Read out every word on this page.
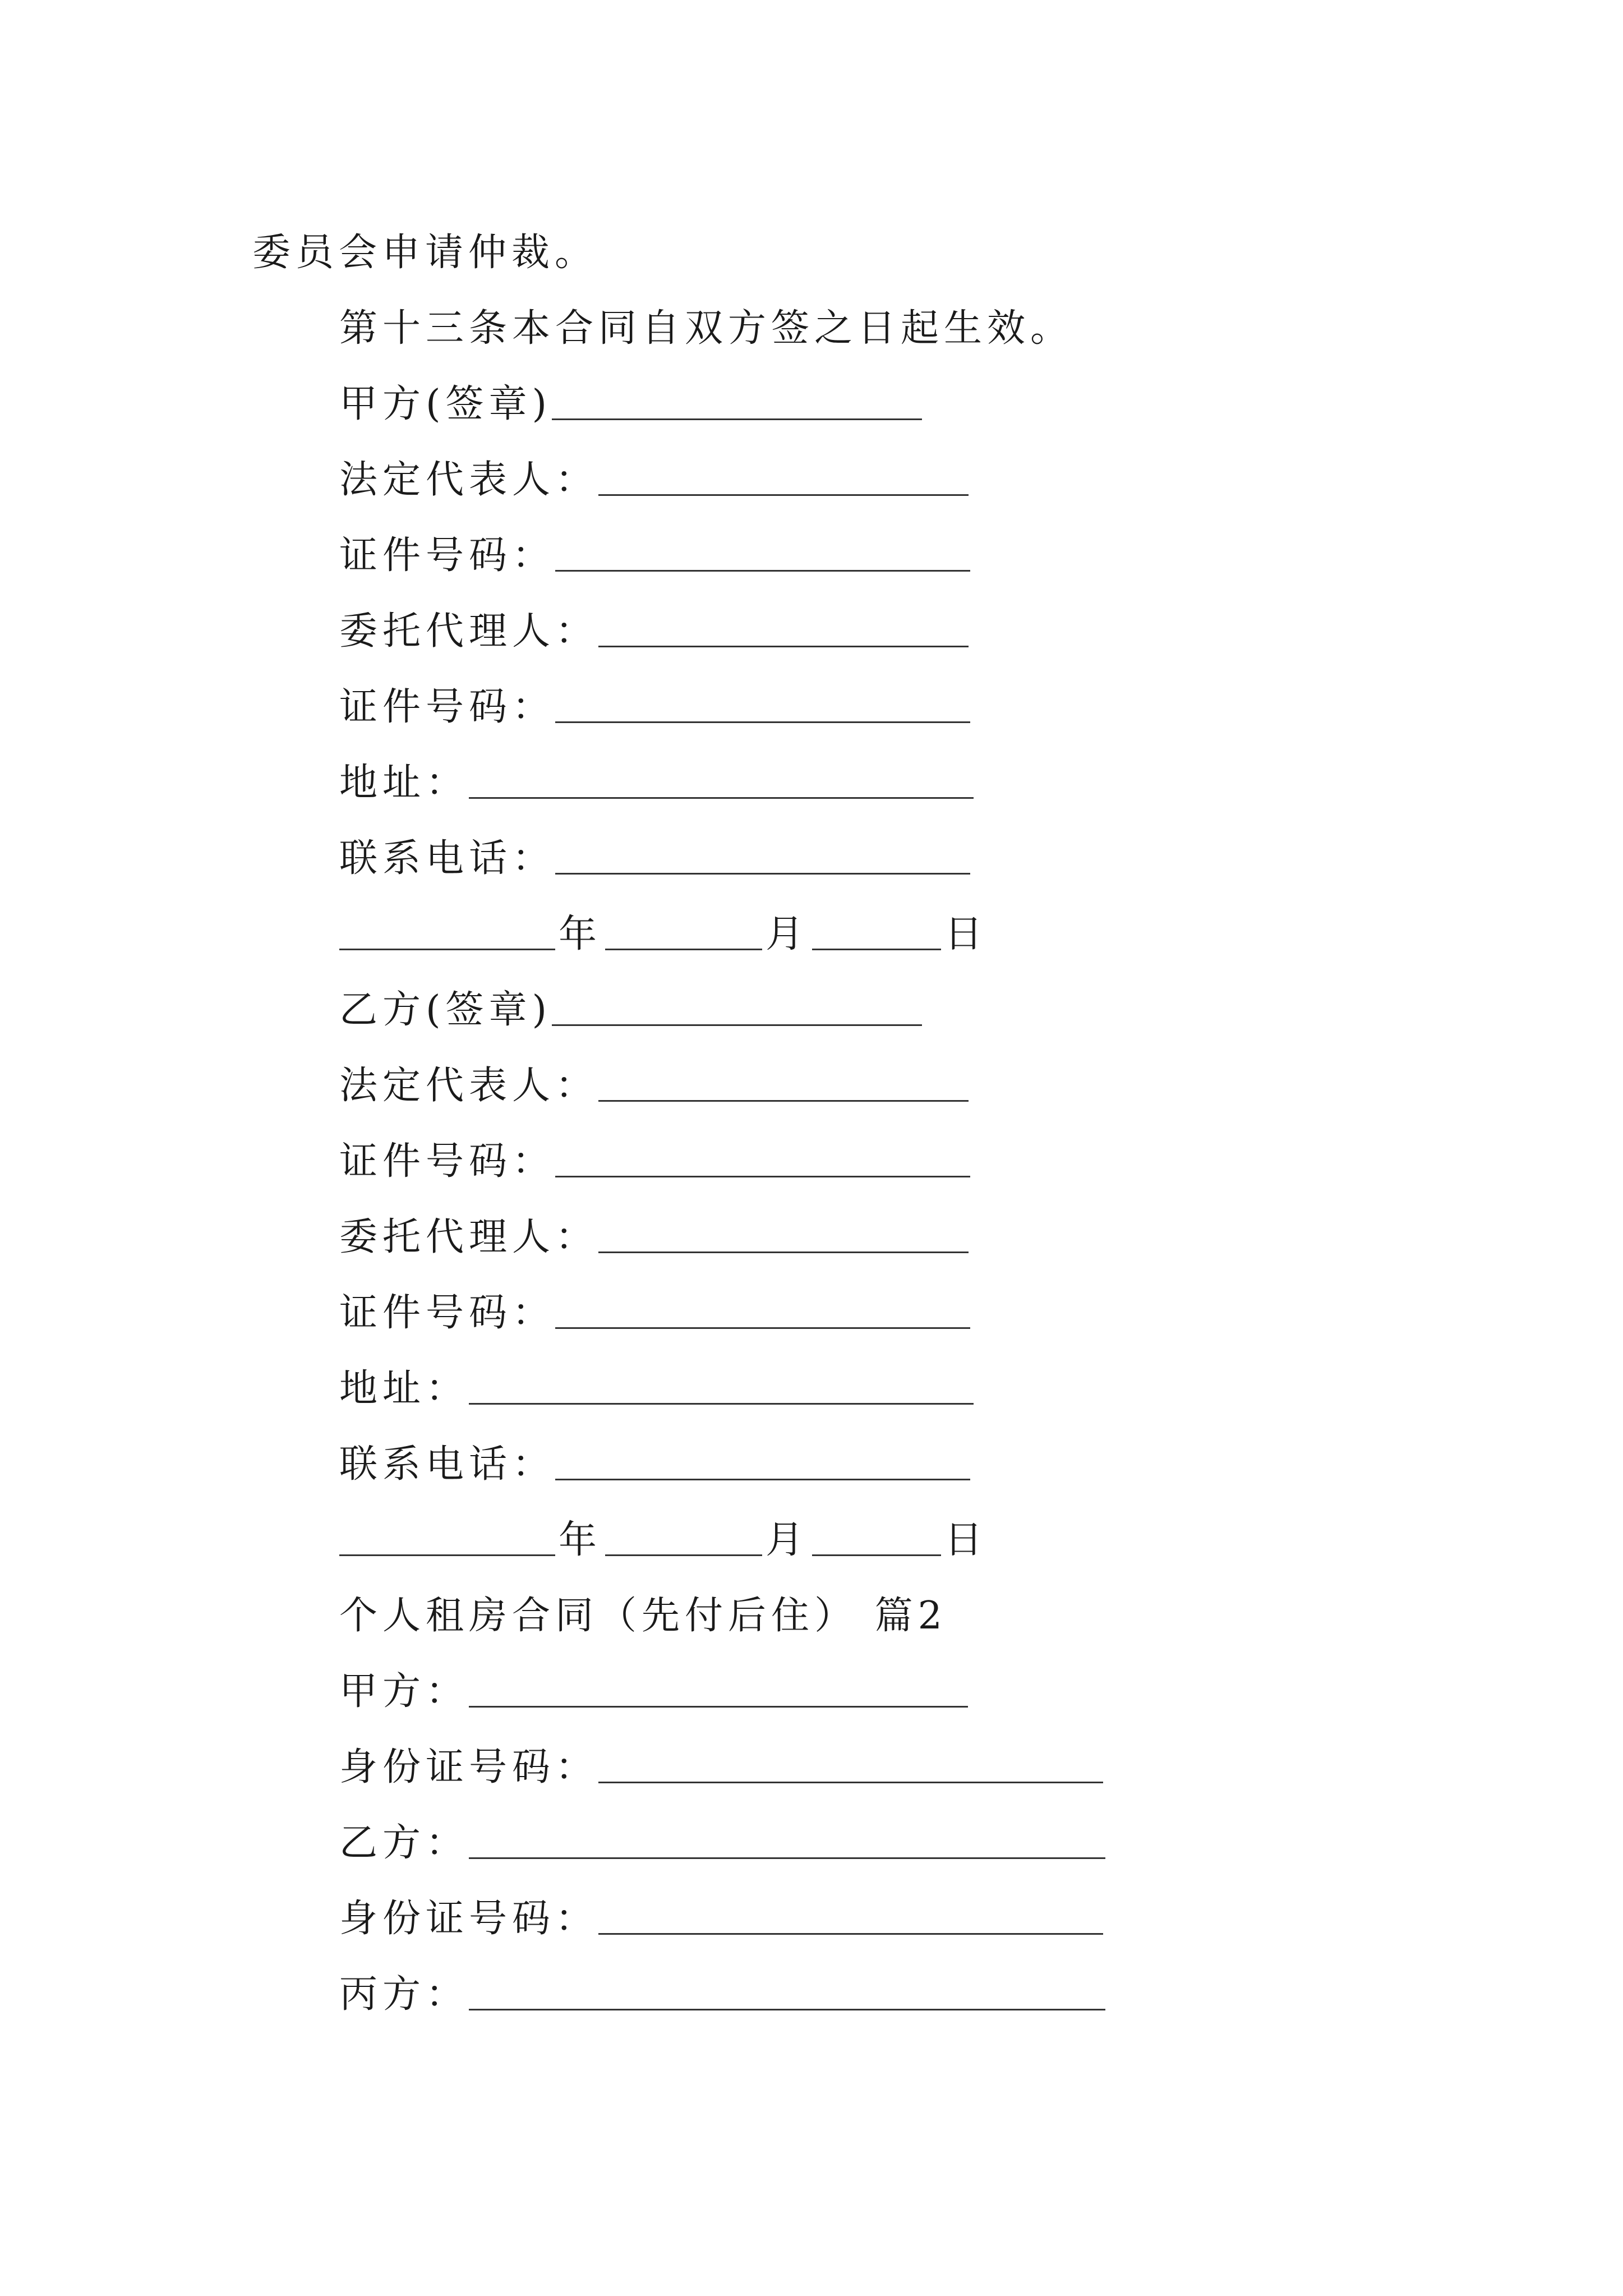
委员会申请仲裁。
第十三条本合同自双方签之日起生效。
甲方(签章)
法定代表人：
证件号码：
委托代理人：
证件号码：
地址：
联系电话：
年	月	日
乙方(签章)
法定代表人：
证件号码：
委托代理人：
证件号码：
地址：
联系电话：
年	月	日
个人租房合同（先付后住） 篇2
甲方：
身份证号码：
乙方：
身份证号码：
丙方：
